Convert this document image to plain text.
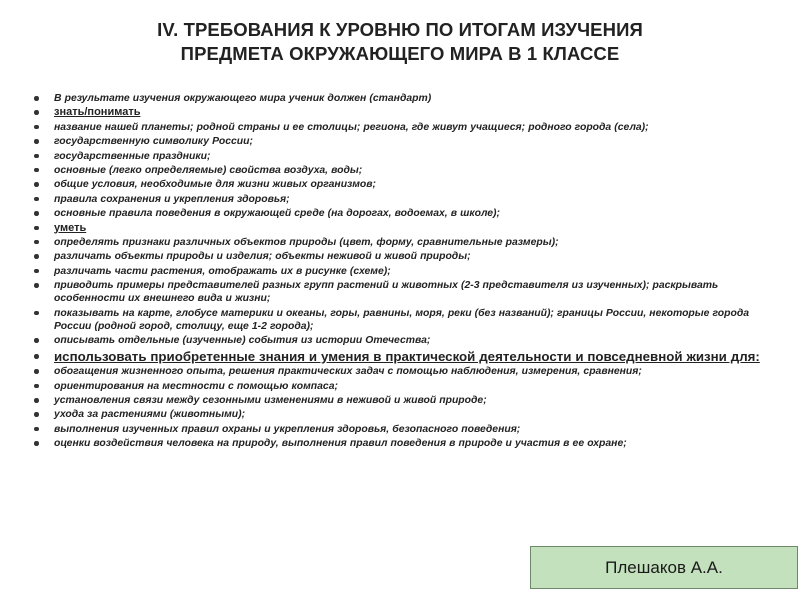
IV. ТРЕБОВАНИЯ К УРОВНЮ ПО ИТОГАМ ИЗУЧЕНИЯ
ПРЕДМЕТА ОКРУЖАЮЩЕГО МИРА В 1 КЛАССЕ
В результате изучения окружающего мира ученик должен (стандарт)
знать/понимать
название нашей планеты; родной страны и ее столицы; региона, где живут учащиеся; родного города (села);
государственную символику России;
государственные праздники;
основные (легко определяемые) свойства воздуха, воды;
общие условия, необходимые для жизни живых организмов;
правила сохранения и укрепления здоровья;
основные правила поведения в окружающей среде (на дорогах, водоемах, в школе);
уметь
определять признаки различных объектов природы (цвет, форму, сравнительные размеры);
различать объекты природы и изделия; объекты неживой и живой природы;
различать части растения, отображать их в рисунке (схеме);
приводить примеры представителей разных групп растений и животных (2-3 представителя из изученных); раскрывать особенности их внешнего вида и жизни;
показывать на карте, глобусе материки и океаны, горы, равнины, моря, реки (без названий); границы России, некоторые города России (родной город, столицу, еще 1-2 города);
описывать отдельные (изученные) события из истории Отечества;
использовать приобретенные знания и умения в практической деятельности и повседневной жизни для:
обогащения жизненного опыта, решения практических задач с помощью наблюдения, измерения, сравнения;
ориентирования на местности с помощью компаса;
установления связи между сезонными изменениями в неживой и живой природе;
ухода за растениями (животными);
выполнения изученных правил охраны и укрепления здоровья, безопасного поведения;
оценки воздействия человека на природу, выполнения правил поведения в природе и участия в ее охране;
Плешаков А.А.
